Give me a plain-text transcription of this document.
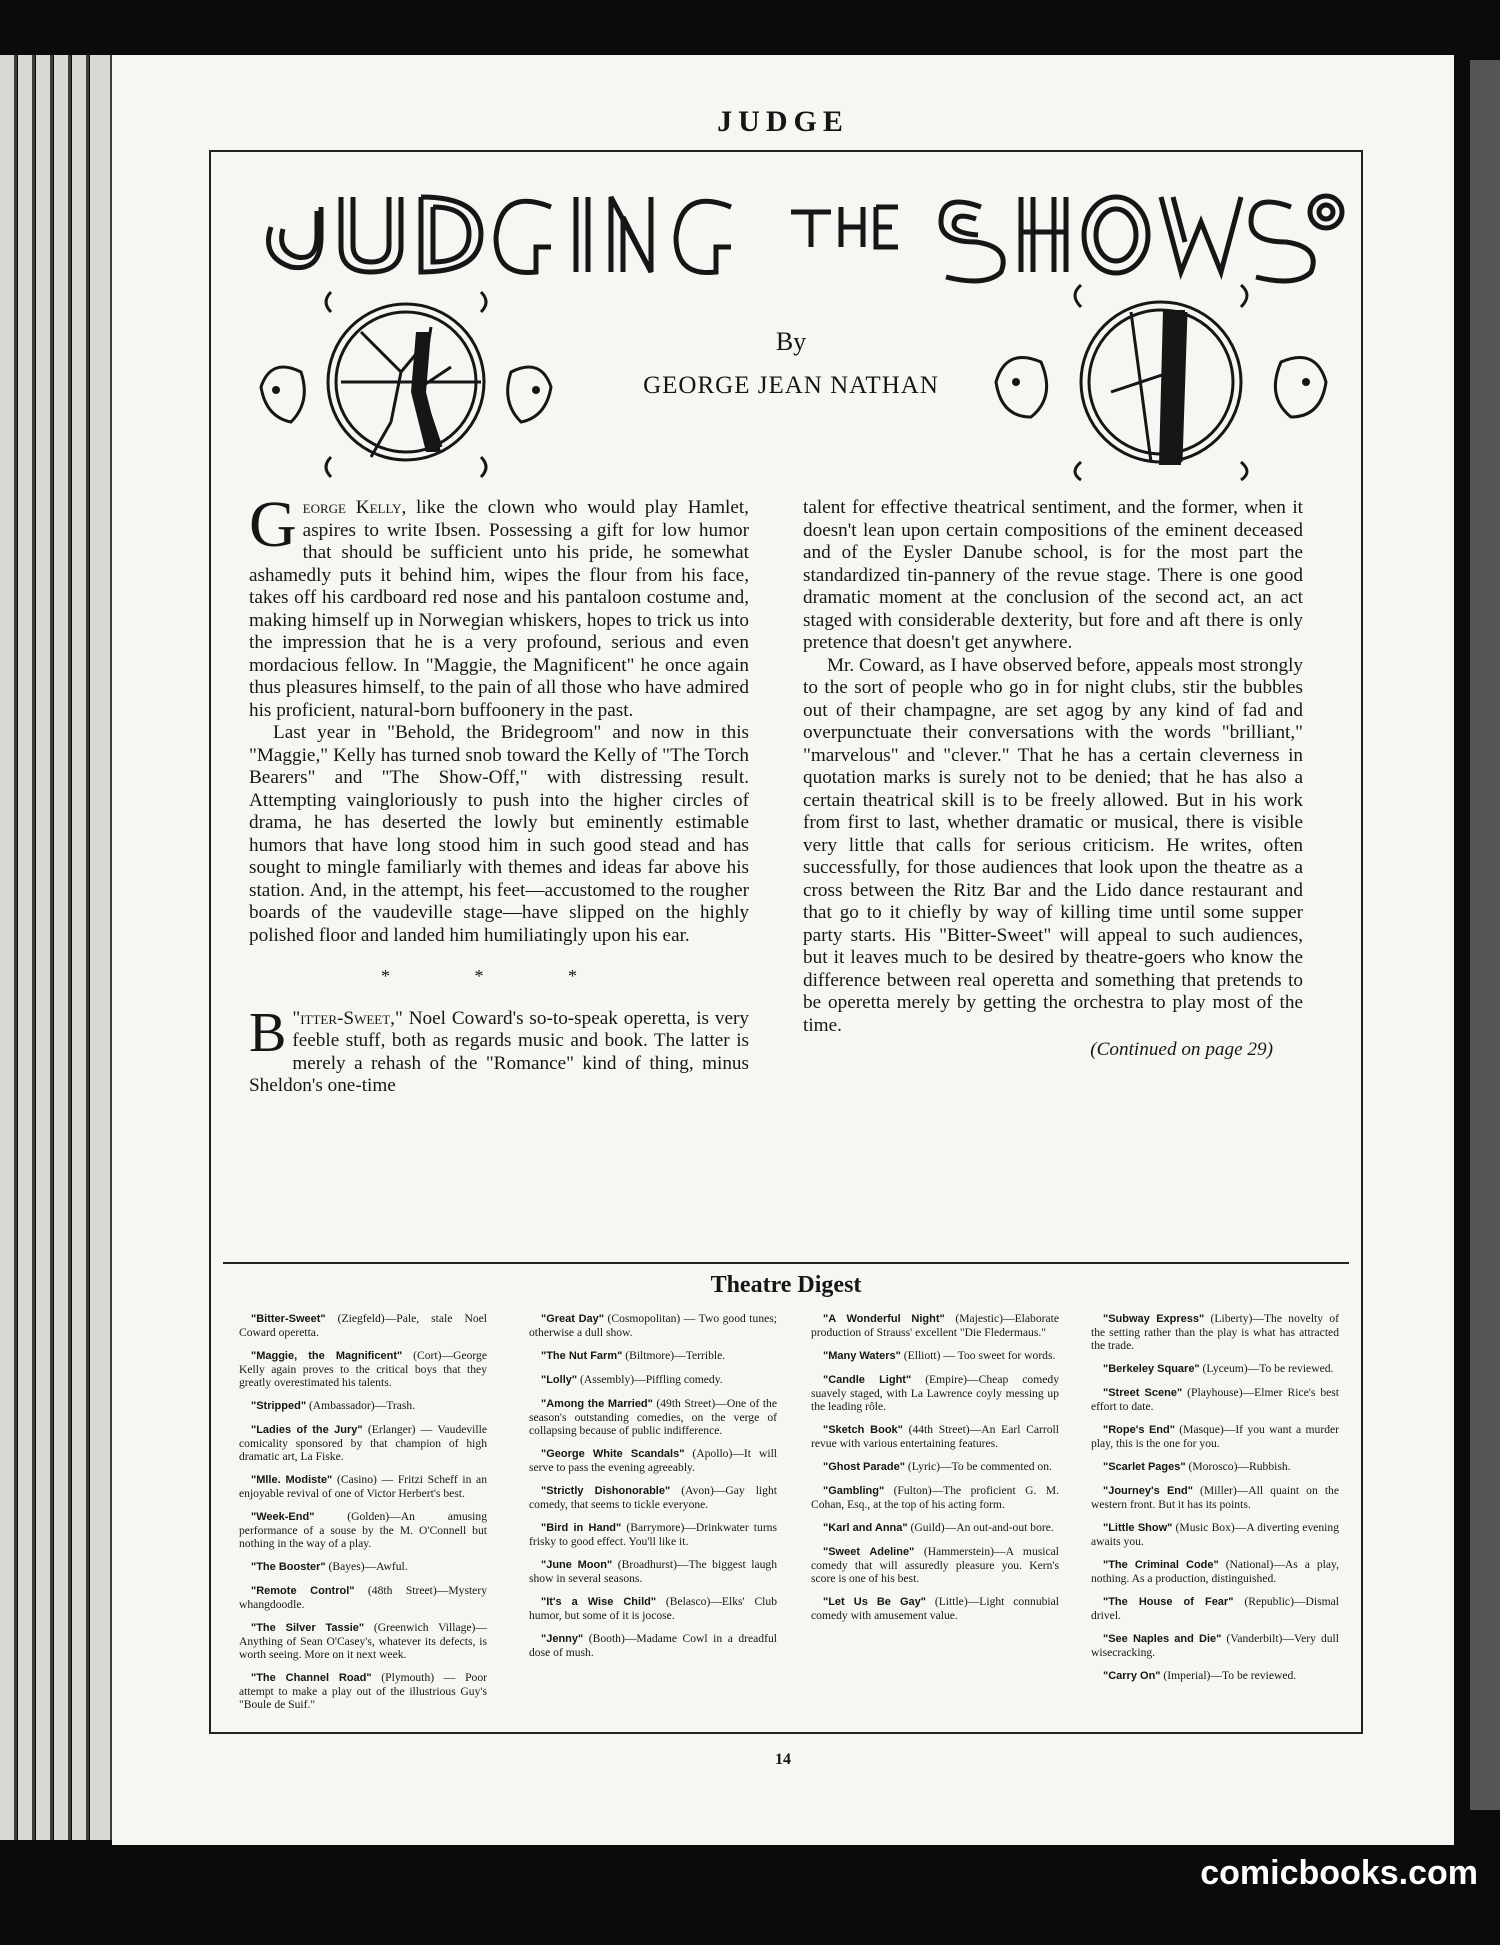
JUDGE
By
GEORGE JEAN NATHAN

George Kelly, like the clown who would play Hamlet, aspires to write Ibsen. Possessing a gift for low humor that should be sufficient unto his pride, he somewhat ashamedly puts it behind him, wipes the flour from his face, takes off his cardboard red nose and his pantaloon costume and, making himself up in Norwegian whiskers, hopes to trick us into the impression that he is a very profound, serious and even mordacious fellow. In "Maggie, the Magnificent" he once again thus pleasures himself, to the pain of all those who have admired his proficient, natural-born buffoonery in the past.

Last year in "Behold, the Bridegroom" and now in this "Maggie," Kelly has turned snob toward the Kelly of "The Torch Bearers" and "The Show-Off," with distressing result. Attempting vaingloriously to push into the higher circles of drama, he has deserted the lowly but eminently estimable humors that have long stood him in such good stead and has sought to mingle familiarly with themes and ideas far above his station. And, in the attempt, his feet—accustomed to the rougher boards of the vaudeville stage—have slipped on the highly polished floor and landed him humiliatingly upon his ear.

* * *

"
B itter-Sweet," Noel Coward's so-to-speak operetta, is very feeble stuff, both as regards music and book. The latter is merely a rehash of the "Romance" kind of thing, minus Sheldon's one-time

talent for effective theatrical sentiment, and the former, when it doesn't lean upon certain compositions of the eminent deceased and of the Eysler Danube school, is for the most part the standardized tin-pannery of the revue stage. There is one good dramatic moment at the conclusion of the second act, an act staged with considerable dexterity, but fore and aft there is only pretence that doesn't get anywhere.

Mr. Coward, as I have observed before, appeals most strongly to the sort of people who go in for night clubs, stir the bubbles out of their champagne, are set agog by any kind of fad and overpunctuate their conversations with the words "brilliant," "marvelous" and "clever." That he has a certain cleverness in quotation marks is surely not to be denied; that he has also a certain theatrical skill is to be freely allowed. But in his work from first to last, whether dramatic or musical, there is visible very little that calls for serious criticism. He writes, often successfully, for those audiences that look upon the theatre as a cross between the Ritz Bar and the Lido dance restaurant and that go to it chiefly by way of killing time until some supper party starts. His "Bitter-Sweet" will appeal to such audiences, but it leaves much to be desired by theatre-goers who know the difference between real operetta and something that pretends to be operetta merely by getting the orchestra to play most of the time.

(Continued on page 29)
Theatre Digest
"Bitter-Sweet" (Ziegfeld)—Pale, stale Noel Coward operetta.
"Maggie, the Magnificent" (Cort)—George Kelly again proves to the critical boys that they greatly overestimated his talents.
"Stripped" (Ambassador)—Trash.
"Ladies of the Jury" (Erlanger) — Vaudeville comicality sponsored by that champion of high dramatic art, La Fiske.
"Mlle. Modiste" (Casino) — Fritzi Scheff in an enjoyable revival of one of Victor Herbert's best.
"Week-End" (Golden)—An amusing performance of a souse by the M. O'Connell but nothing in the way of a play.
"The Booster" (Bayes)—Awful.
"Remote Control" (48th Street)—Mystery whangdoodle.
"The Silver Tassie" (Greenwich Village)—Anything of Sean O'Casey's, whatever its defects, is worth seeing. More on it next week.
"The Channel Road" (Plymouth) — Poor attempt to make a play out of the illustrious Guy's "Boule de Suif."
"Great Day" (Cosmopolitan) — Two good tunes; otherwise a dull show.
"The Nut Farm" (Biltmore)—Terrible.
"Lolly" (Assembly)—Piffling comedy.
"Among the Married" (49th Street)—One of the season's outstanding comedies, on the verge of collapsing because of public indifference.
"George White Scandals" (Apollo)—It will serve to pass the evening agreeably.
"Strictly Dishonorable" (Avon)—Gay light comedy, that seems to tickle everyone.
"Bird in Hand" (Barrymore)—Drinkwater turns frisky to good effect. You'll like it.
"June Moon" (Broadhurst)—The biggest laugh show in several seasons.
"It's a Wise Child" (Belasco)—Elks' Club humor, but some of it is jocose.
"Jenny" (Booth)—Madame Cowl in a dreadful dose of mush.
"A Wonderful Night" (Majestic)—Elaborate production of Strauss' excellent "Die Fledermaus."
"Many Waters" (Elliott) — Too sweet for words.
"Candle Light" (Empire)—Cheap comedy suavely staged, with La Lawrence coyly messing up the leading rôle.
"Sketch Book" (44th Street)—An Earl Carroll revue with various entertaining features.
"Ghost Parade" (Lyric)—To be commented on.
"Gambling" (Fulton)—The proficient G. M. Cohan, Esq., at the top of his acting form.
"Karl and Anna" (Guild)—An out-and-out bore.
"Sweet Adeline" (Hammerstein)—A musical comedy that will assuredly pleasure you. Kern's score is one of his best.
"Let Us Be Gay" (Little)—Light connubial comedy with amusement value.
"Subway Express" (Liberty)—The novelty of the setting rather than the play is what has attracted the trade.
"Berkeley Square" (Lyceum)—To be reviewed.
"Street Scene" (Playhouse)—Elmer Rice's best effort to date.
"Rope's End" (Masque)—If you want a murder play, this is the one for you.
"Scarlet Pages" (Morosco)—Rubbish.
"Journey's End" (Miller)—All quaint on the western front. But it has its points.
"Little Show" (Music Box)—A diverting evening awaits you.
"The Criminal Code" (National)—As a play, nothing. As a production, distinguished.
"The House of Fear" (Republic)—Dismal drivel.
"See Naples and Die" (Vanderbilt)—Very dull wisecracking.
"Carry On" (Imperial)—To be reviewed.
14
comicbooks.com
